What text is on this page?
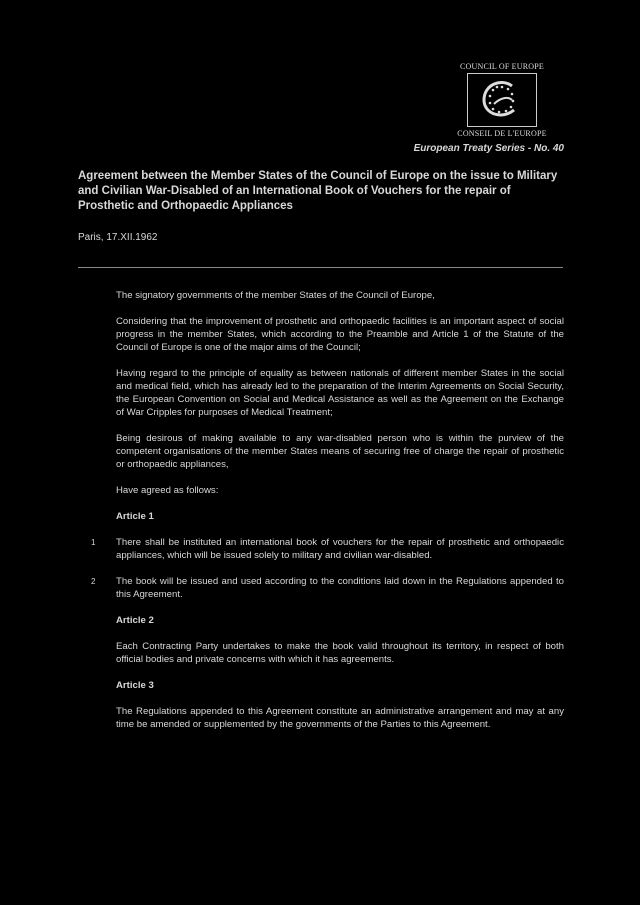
COUNCIL OF EUROPE
CONSEIL DE L'EUROPE
European Treaty Series - No. 40
Agreement between the Member States of the Council of Europe on the issue to Military and Civilian War-Disabled of an International Book of Vouchers for the repair of Prosthetic and Orthopaedic Appliances
Paris, 17.XII.1962

The signatory governments of the member States of the Council of Europe,

Considering that the improvement of prosthetic and orthopaedic facilities is an important aspect of social progress in the member States, which according to the Preamble and Article 1 of the Statute of the Council of Europe is one of the major aims of the Council;

Having regard to the principle of equality as between nationals of different member States in the social and medical field, which has already led to the preparation of the Interim Agreements on Social Security, the European Convention on Social and Medical Assistance as well as the Agreement on the Exchange of War Cripples for purposes of Medical Treatment;

Being desirous of making available to any war-disabled person who is within the purview of the competent organisations of the member States means of securing free of charge the repair of prosthetic or orthopaedic appliances,

Have agreed as follows:

Article 1
1 There shall be instituted an international book of vouchers for the repair of prosthetic and orthopaedic appliances, which will be issued solely to military and civilian war-disabled.

2 The book will be issued and used according to the conditions laid down in the Regulations appended to this Agreement.

Article 2

Each Contracting Party undertakes to make the book valid throughout its territory, in respect of both official bodies and private concerns with which it has agreements.

Article 3

The Regulations appended to this Agreement constitute an administrative arrangement and may at any time be amended or supplemented by the governments of the Parties to this Agreement.
